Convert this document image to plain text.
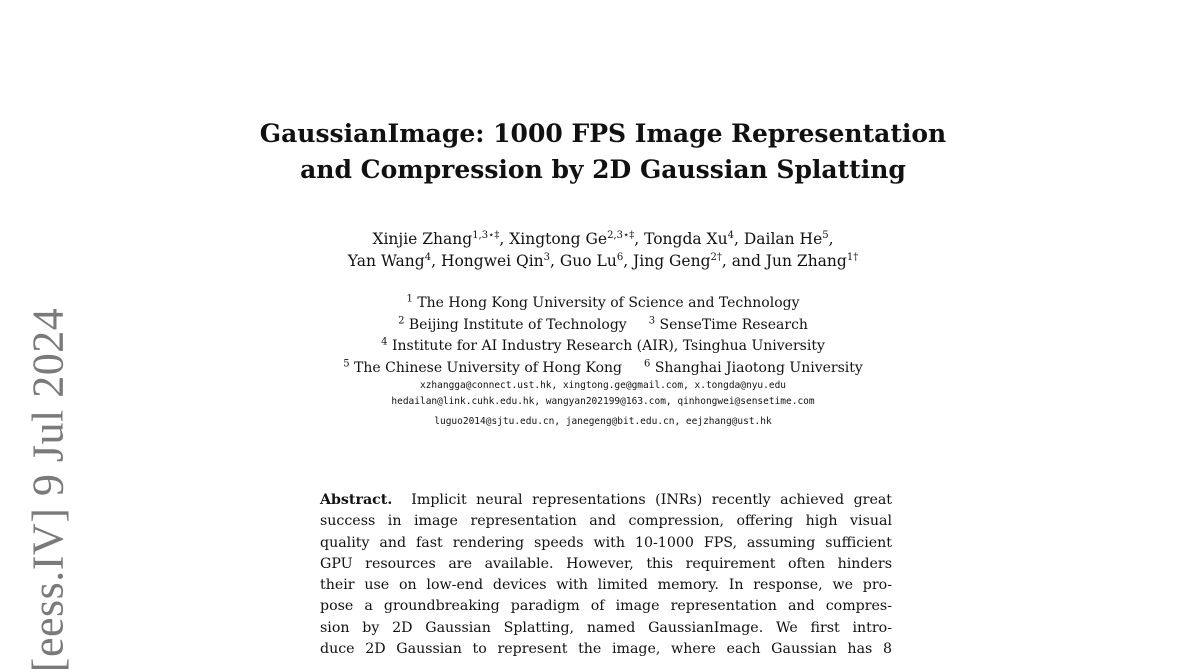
[eess.IV] 9 Jul 2024
GaussianImage: 1000 FPS Image Representation
and Compression by 2D Gaussian Splatting
Xinjie Zhang$^{1,3⋆\ddagger}$, Xingtong $Ge^{2,3⋆\ddagger}$, Tongda Xu$^4$, Dailan He$^5$,
Yan Wang$^4$, Hongwei Qin$^3$, Guo Lu$^6$, Jing Geng$^{2\dagger}$, and Jun Zhang$^{1\dagger}$
$^1$ The Hong Kong University of Science and Technology
$^2$ Beijing Institute of Technology $^3$ SenseTime Research
$^4$ Institute for AI Industry Research (AIR), Tsinghua University
$^5$ The Chinese University of Hong Kong $^6$ Shanghai Jiaotong University
xzhangga@connect.ust.hk, xingtong.ge@gmail.com, x.tongda@nyu.edu
hedailan@link.cuhk.edu.hk, wangyan202199@163.com, qinhongwei@sensetime.com
luguo2014@sjtu.edu.cn, janegeng@bit.edu.cn, eejzhang@ust.hk
Abstract. Implicit neural representations (INRs) recently achieved great
success in image representation and compression, offering high visual
quality and fast rendering speeds with 10-1000 FPS, assuming sufficient
GPU resources are available. However, this requirement often hinders
their use on low-end devices with limited memory. In response, we pro-
pose a groundbreaking paradigm of image representation and compres-
sion by 2D Gaussian Splatting, named GaussianImage. We first intro-
duce 2D Gaussian to represent the image, where each Gaussian has 8
